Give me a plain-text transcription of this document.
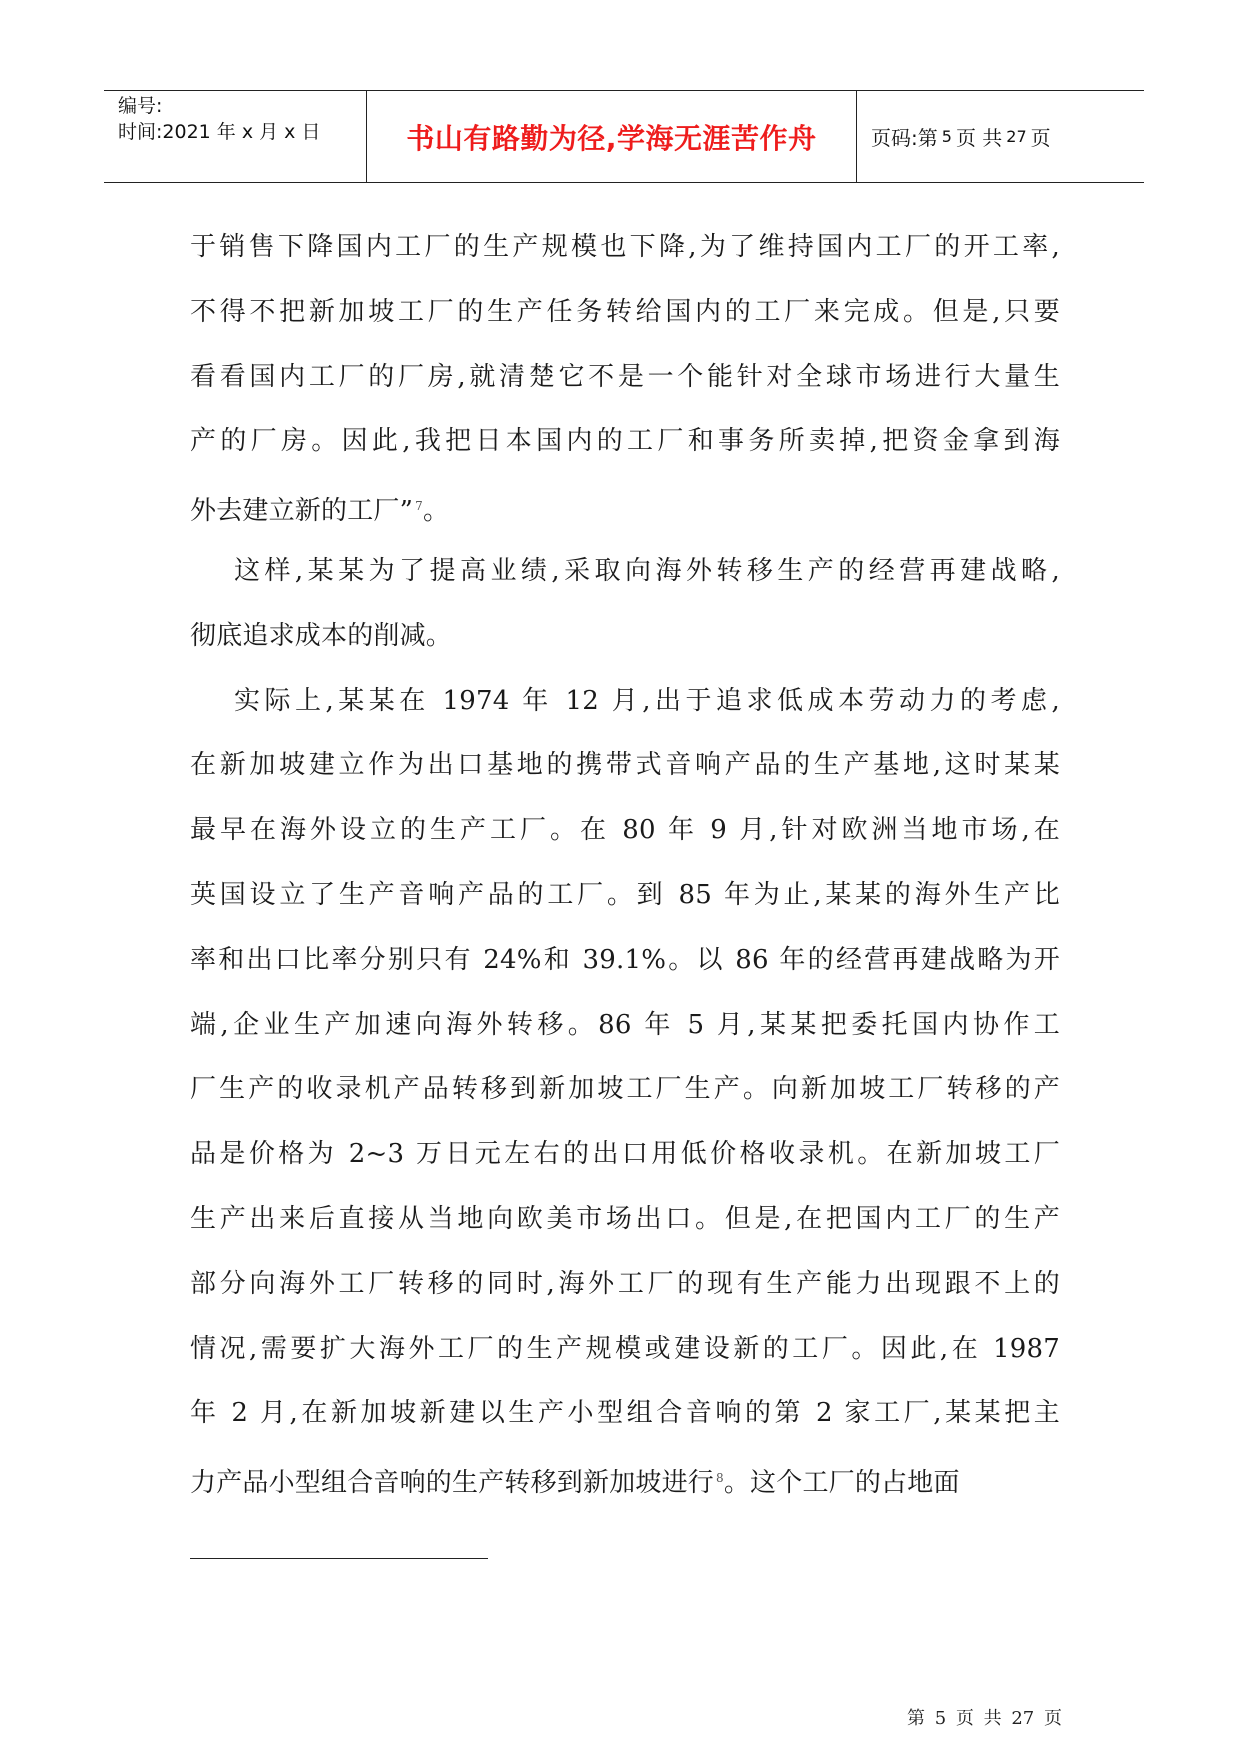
编号:
时间:2021 年 x 月 x 日	书山有路勤为径,学海无涯苦作舟	页码:第 5 页 共 27 页
于销售下降国内工厂的生产规模也下降,为了维持国内工厂的开工率,
不得不把新加坡工厂的生产任务转给国内的工厂来完成。但是,只要
看看国内工厂的厂房,就清楚它不是一个能针对全球市场进行大量生
产的厂房。因此,我把日本国内的工厂和事务所卖掉,把资金拿到海
外去建立新的工厂” $^7$。
这样,某某为了提高业绩,采取向海外转移生产的经营再建战略,
彻底追求成本的削减。
实际上,某某在 1974 年 12 月,出于追求低成本劳动力的考虑,
在新加坡建立作为出口基地的携带式音响产品的生产基地,这时某某
最早在海外设立的生产工厂。在 80 年 9 月,针对欧洲当地市场,在
英国设立了生产音响产品的工厂。到 85 年为止,某某的海外生产比
率和出口比率分别只有 24%和 39.1%。以 86 年的经营再建战略为开
端,企业生产加速向海外转移。86 年 5 月,某某把委托国内协作工
厂生产的收录机产品转移到新加坡工厂生产。向新加坡工厂转移的产
品是价格为 2~3 万日元左右的出口用低价格收录机。在新加坡工厂
生产出来后直接从当地向欧美市场出口。但是,在把国内工厂的生产
部分向海外工厂转移的同时,海外工厂的现有生产能力出现跟不上的
情况,需要扩大海外工厂的生产规模或建设新的工厂。因此,在 1987
年 2 月,在新加坡新建以生产小型组合音响的第 2 家工厂,某某把主
力产品小型组合音响的生产转移到新加坡进行 $^8$。这个工厂的占地面
第 5 页 共 27 页
